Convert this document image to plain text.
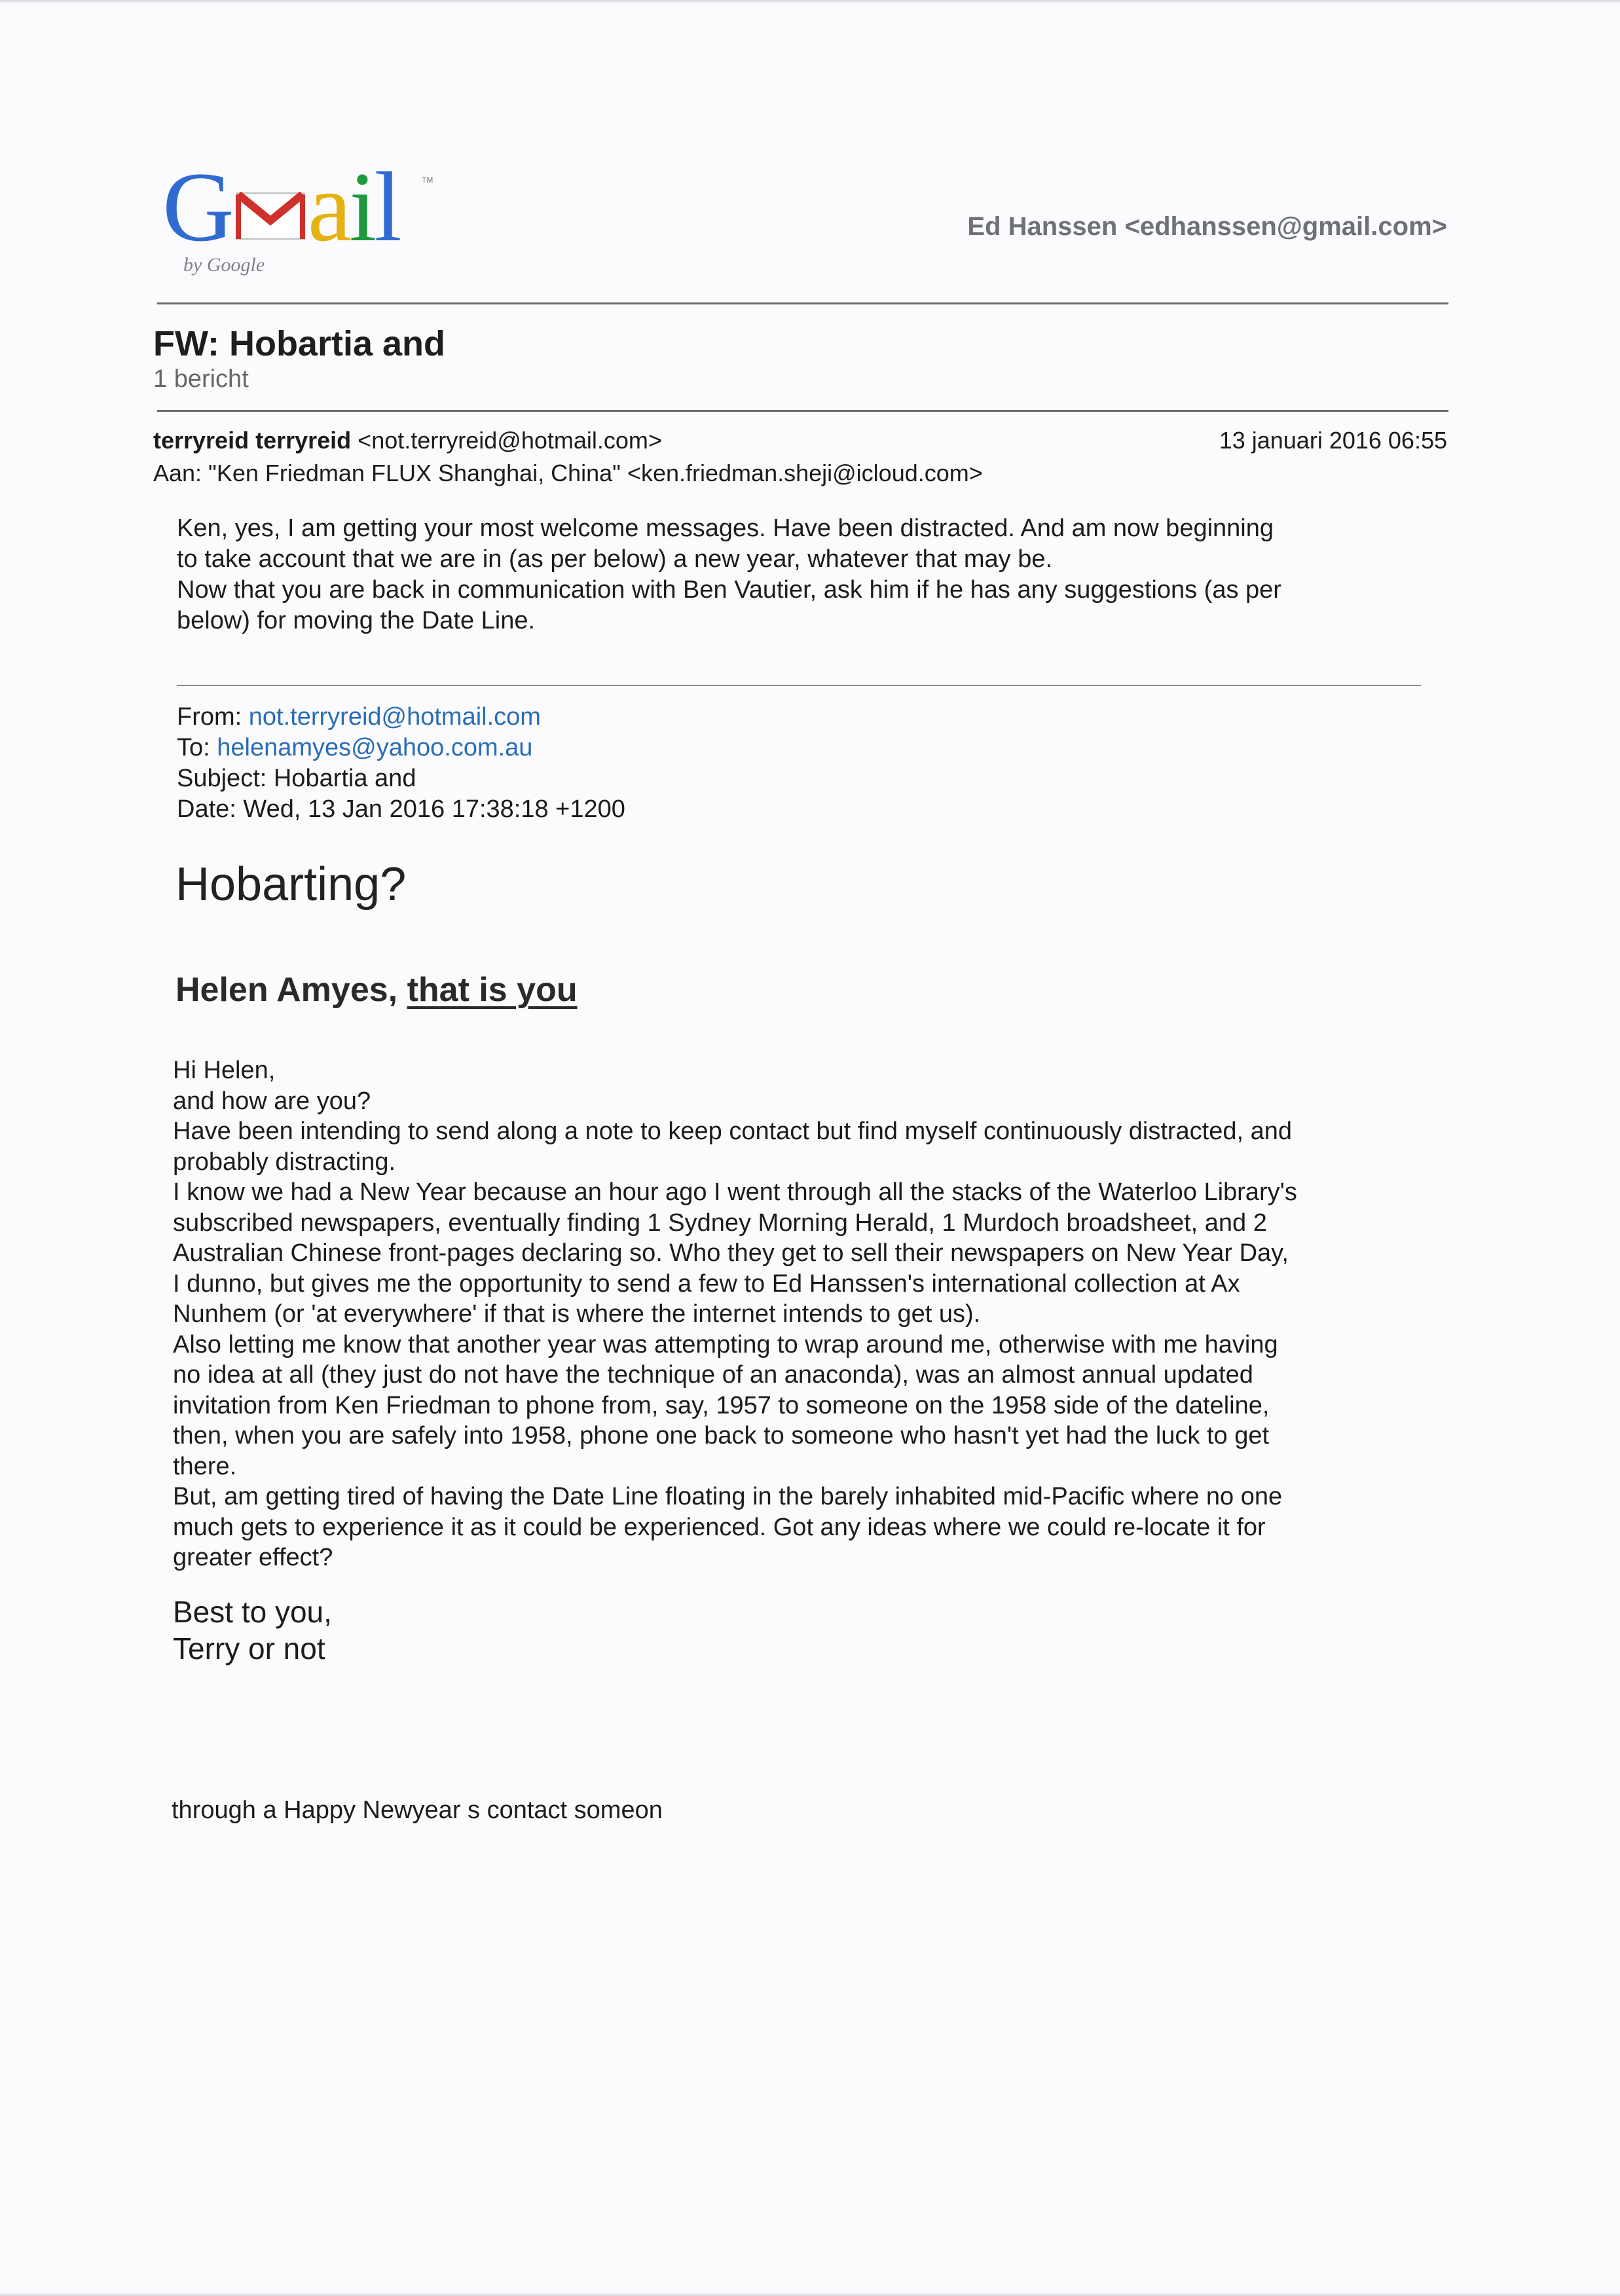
G ail	TM
by Google
Ed Hanssen <edhanssen@gmail.com>
FW: Hobartia and
1 bericht
terryreid terryreid <not.terryreid@hotmail.com>	13 januari 2016 06:55
Aan: "Ken Friedman FLUX Shanghai, China" <ken.friedman.sheji@icloud.com>

Ken, yes, I am getting your most welcome messages. Have been distracted. And am now beginning

to take account that we are in (as per below) a new year, whatever that may be.

Now that you are back in communication with Ben Vautier, ask him if he has any suggestions (as per

below) for moving the Date Line.

From: not.terryreid@hotmail.com
To: helenamyes@yahoo.com.au
Subject: Hobartia and
Date: Wed, 13 Jan 2016 17:38:18 +1200
Hobarting?
Helen Amyes, that is you

Hi Helen,

and how are you?

Have been intending to send along a note to keep contact but find myself continuously distracted, and

probably distracting.

I know we had a New Year because an hour ago I went through all the stacks of the Waterloo Library's

subscribed newspapers, eventually finding 1 Sydney Morning Herald, 1 Murdoch broadsheet, and 2

Australian Chinese front-pages declaring so. Who they get to sell their newspapers on New Year Day,

I dunno, but gives me the opportunity to send a few to Ed Hanssen's international collection at Ax

Nunhem (or 'at everywhere' if that is where the internet intends to get us).

Also letting me know that another year was attempting to wrap around me, otherwise with me having

no idea at all (they just do not have the technique of an anaconda), was an almost annual updated

invitation from Ken Friedman to phone from, say, 1957 to someone on the 1958 side of the dateline,

then, when you are safely into 1958, phone one back to someone who hasn't yet had the luck to get

there.

But, am getting tired of having the Date Line floating in the barely inhabited mid-Pacific where no one

much gets to experience it as it could be experienced. Got any ideas where we could re-locate it for

greater effect?

Best to you,
Terry or not
through a Happy Newyear s contact someon
